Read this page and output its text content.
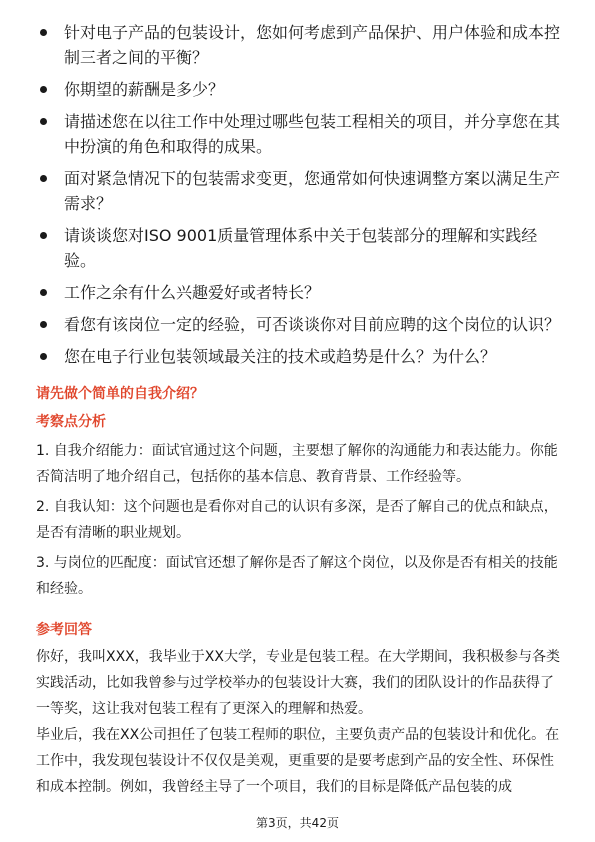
针对电子产品的包装设计，您如何考虑到产品保护、用户体验和成本控制三者之间的平衡？
你期望的薪酬是多少？
请描述您在以往工作中处理过哪些包装工程相关的项目，并分享您在其中扮演的角色和取得的成果。
面对紧急情况下的包装需求变更，您通常如何快速调整方案以满足生产需求？
请谈谈您对ISO 9001质量管理体系中关于包装部分的理解和实践经验。
工作之余有什么兴趣爱好或者特长？
看您有该岗位一定的经验，可否谈谈你对目前应聘的这个岗位的认识？
您在电子行业包装领域最关注的技术或趋势是什么？为什么？

请先做个简单的自我介绍？

考察点分析

1. 自我介绍能力：面试官通过这个问题，主要想了解你的沟通能力和表达能力。你能否简洁明了地介绍自己，包括你的基本信息、教育背景、工作经验等。

2. 自我认知：这个问题也是看你对自己的认识有多深，是否了解自己的优点和缺点，是否有清晰的职业规划。

3. 与岗位的匹配度：面试官还想了解你是否了解这个岗位，以及你是否有相关的技能和经验。

参考回答

你好，我叫XXX，我毕业于XX大学，专业是包装工程。在大学期间，我积极参与各类实践活动，比如我曾参与过学校举办的包装设计大赛，我们的团队设计的作品获得了一等奖，这让我对包装工程有了更深入的理解和热爱。

毕业后，我在XX公司担任了包装工程师的职位，主要负责产品的包装设计和优化。在工作中，我发现包装设计不仅仅是美观，更重要的是要考虑到产品的安全性、环保性和成本控制。例如，我曾经主导了一个项目，我们的目标是降低产品包装的成

第3页，共42页
